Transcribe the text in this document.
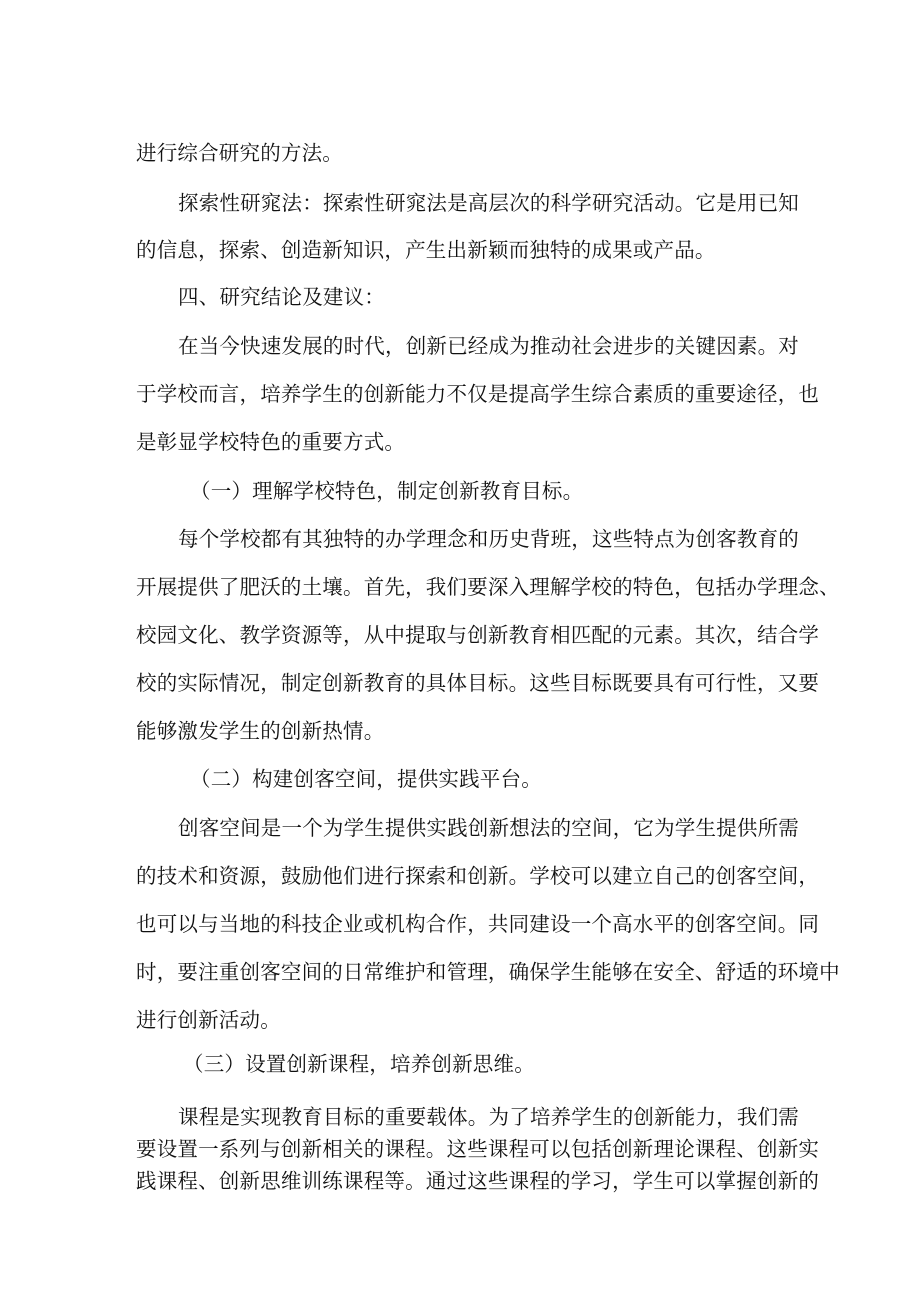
进行综合研究的方法。
探索性研窕法：探索性研窕法是高层次的科学研究活动。它是用已知
的信息，探索、创造新知识，产生出新颖而独特的成果或产品。
四、研究结论及建议：
在当今快速发展的时代，创新已经成为推动社会进步的关键因素。对
于学校而言，培养学生的创新能力不仅是提高学生综合素质的重要途径，也
是彰显学校特色的重要方式。
（一）理解学校特色，制定创新教育目标。
每个学校都有其独特的办学理念和历史背班，这些特点为创客教育的
开展提供了肥沃的土壤。首先，我们要深入理解学校的特色，包括办学理念、
校园文化、教学资源等，从中提取与创新教育相匹配的元素。其次，结合学
校的实际情况，制定创新教育的具体目标。这些目标既要具有可行性，又要
能够激发学生的创新热情。
（二）构建创客空间，提供实践平台。
创客空间是一个为学生提供实践创新想法的空间，它为学生提供所需
的技术和资源，鼓励他们进行探索和创新。学校可以建立自己的创客空间，
也可以与当地的科技企业或机构合作，共同建设一个高水平的创客空间。同
时，要注重创客空间的日常维护和管理，确保学生能够在安全、舒适的环境中
进行创新活动。
（三）设置创新课程，培养创新思维。
课程是实现教育目标的重要载体。为了培养学生的创新能力，我们需
要设置一系列与创新相关的课程。这些课程可以包括创新理论课程、创新实
践课程、创新思维训练课程等。通过这些课程的学习，学生可以掌握创新的
